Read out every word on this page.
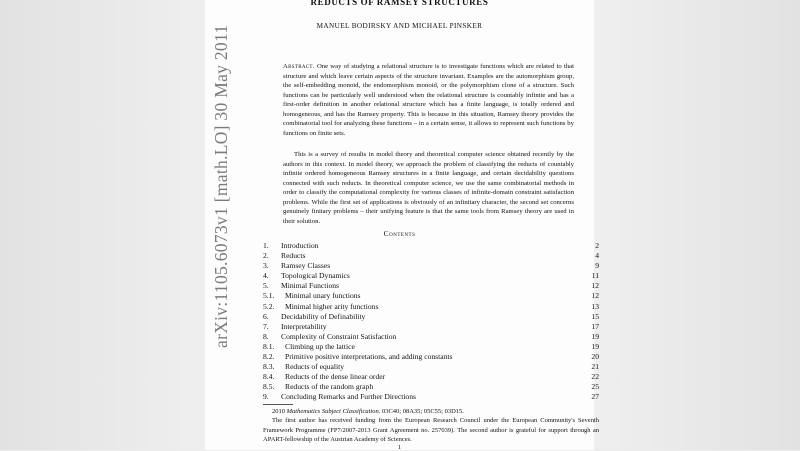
REDUCTS OF RAMSEY STRUCTURES
MANUEL BODIRSKY AND MICHAEL PINSKER

Abstract. One way of studying a relational structure is to investigate functions which are related to that structure and which leave certain aspects of the structure invariant. Examples are the automorphism group, the self-embedding monoid, the endomorphism monoid, or the polymorphism clone of a structure. Such functions can be particularly well understood when the relational structure is countably infinite and has a first-order definition in another relational structure which has a finite language, is totally ordered and homogeneous, and has the Ramsey property. This is because in this situation, Ramsey theory provides the combinatorial tool for analyzing these functions – in a certain sense, it allows to represent such functions by functions on finite sets.

This is a survey of results in model theory and theoretical computer science obtained recently by the authors in this context. In model theory, we approach the problem of classifying the reducts of countably infinite ordered homogeneous Ramsey structures in a finite language, and certain decidability questions connected with such reducts. In theoretical computer science, we use the same combinatorial methods in order to classify the computational complexity for various classes of infinite-domain constraint satisfaction problems. While the first set of applications is obviously of an infinitary character, the second set concerns genuinely finitary problems – their unifying feature is that the same tools from Ramsey theory are used in their solution.

Contents
1. Introduction	2
2. Reducts	4
3. Ramsey Classes	9
4. Topological Dynamics	11
5. Minimal Functions	12
5.1. Minimal unary functions	12
5.2. Minimal higher arity functions	13
6. Decidability of Definability	15
7. Interpretability	17
8. Complexity of Constraint Satisfaction	19
8.1. Climbing up the lattice	19
8.2. Primitive positive interpretations, and adding constants	20
8.3. Reducts of equality	21
8.4. Reducts of the dense linear order	22
8.5. Reducts of the random graph	25
9. Concluding Remarks and Further Directions	27

2010 Mathematics Subject Classification. 03C40; 08A35; 05C55; 03D15.

The first author has received funding from the European Research Council under the European Community's Seventh Framework Programme (FP7/2007-2013 Grant Agreement no. 257039). The second author is grateful for support through an APART-fellowship of the Austrian Academy of Sciences.

1
arXiv:1105.6073v1 [math.LO] 30 May 2011
